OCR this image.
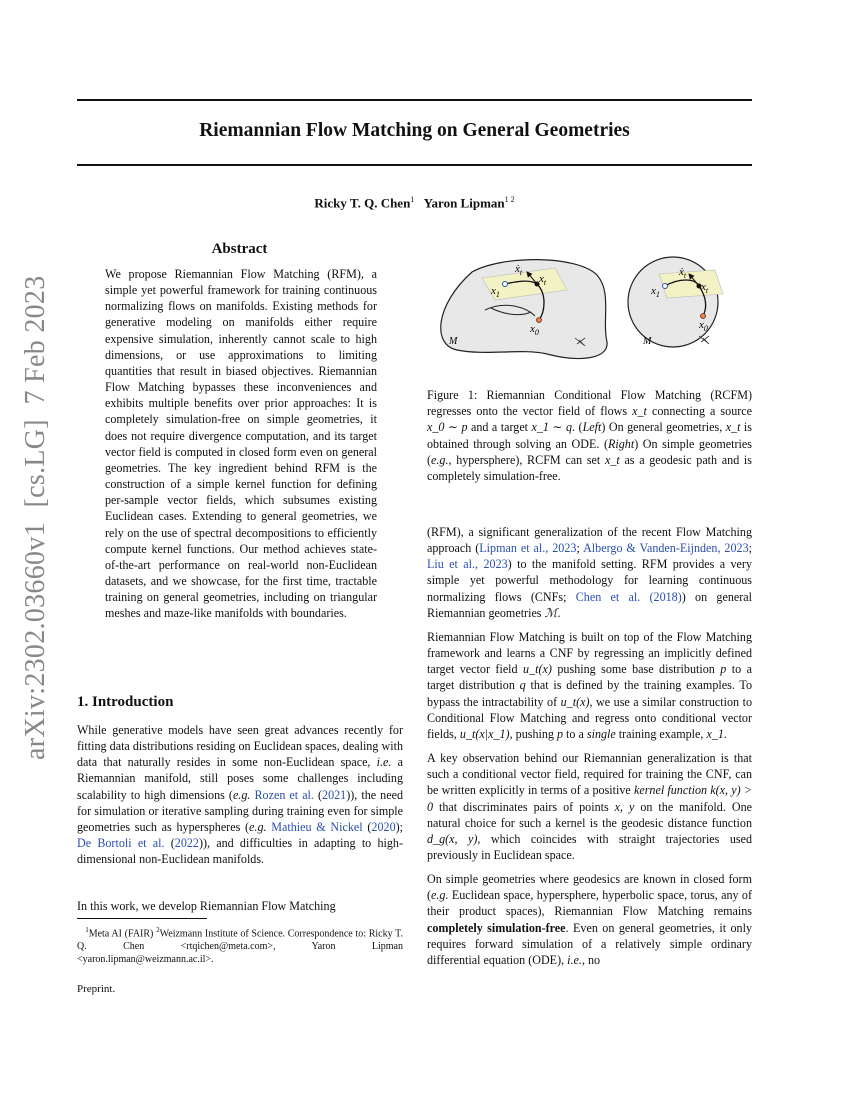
Riemannian Flow Matching on General Geometries
Ricky T. Q. Chen$^1$ Yaron Lipman$^{1 2}$
arXiv:2302.03660v1  [cs.LG]  7 Feb 2023
Abstract
We propose Riemannian Flow Matching (RFM), a simple yet powerful framework for training continuous normalizing flows on manifolds. Existing methods for generative modeling on manifolds either require expensive simulation, inherently cannot scale to high dimensions, or use approximations to limiting quantities that result in biased objectives. Riemannian Flow Matching bypasses these inconveniences and exhibits multiple benefits over prior approaches: It is completely simulation-free on simple geometries, it does not require divergence computation, and its target vector field is computed in closed form even on general geometries. The key ingredient behind RFM is the construction of a simple kernel function for defining per-sample vector fields, which subsumes existing Euclidean cases. Extending to general geometries, we rely on the use of spectral decompositions to efficiently compute kernel functions. Our method achieves state-of-the-art performance on real-world non-Euclidean datasets, and we showcase, for the first time, tractable training on general geometries, including on triangular meshes and maze-like manifolds with boundaries.
1. Introduction

While generative models have seen great advances recently for fitting data distributions residing on Euclidean spaces, dealing with data that naturally resides in some non-Euclidean space, i.e. a Riemannian manifold, still poses some challenges including scalability to high dimensions (e.g. Rozen et al. (2021)), the need for simulation or iterative sampling during training even for simple geometries such as hyperspheres (e.g. Mathieu & Nickel (2020); De Bortoli et al. (2022)), and difficulties in adapting to high-dimensional non-Euclidean manifolds.

In this work, we develop Riemannian Flow Matching
$^1$Meta AI (FAIR) $^2$Weizmann Institute of Science. Correspondence to: Ricky T. Q. Chen <rtqichen@meta.com>, Yaron Lipman <yaron.lipman@weizmann.ac.il>.
Preprint.
$x_1$
$x_t$
ẋ$_t$
$x_0$
M
$x_1$
$x_t$
ẋ$_t$
$x_0$
M
Figure 1: Riemannian Conditional Flow Matching (RCFM) regresses onto the vector field of flows x_t connecting a source x_0 ∼ p and a target x_1 ∼ q. (Left) On general geometries, x_t is obtained through solving an ODE. (Right) On simple geometries (e.g., hypersphere), RCFM can set x_t as a geodesic path and is completely simulation-free.

(RFM), a significant generalization of the recent Flow Matching approach (Lipman et al., 2023; Albergo & Vanden-Eijnden, 2023; Liu et al., 2023) to the manifold setting. RFM provides a very simple yet powerful methodology for learning continuous normalizing flows (CNFs; Chen et al. (2018)) on general Riemannian geometries ℳ.

Riemannian Flow Matching is built on top of the Flow Matching framework and learns a CNF by regressing an implicitly defined target vector field u_t(x) pushing some base distribution p to a target distribution q that is defined by the training examples. To bypass the intractability of u_t(x), we use a similar construction to Conditional Flow Matching and regress onto conditional vector fields, u_t(x|x_1), pushing p to a single training example, x_1.

A key observation behind our Riemannian generalization is that such a conditional vector field, required for training the CNF, can be written explicitly in terms of a positive kernel function k(x, y) > 0 that discriminates pairs of points x, y on the manifold. One natural choice for such a kernel is the geodesic distance function d_g(x, y), which coincides with straight trajectories used previously in Euclidean space.

On simple geometries where geodesics are known in closed form (e.g. Euclidean space, hypersphere, hyperbolic space, torus, any of their product spaces), Riemannian Flow Matching remains completely simulation-free. Even on general geometries, it only requires forward simulation of a relatively simple ordinary differential equation (ODE), i.e., no
